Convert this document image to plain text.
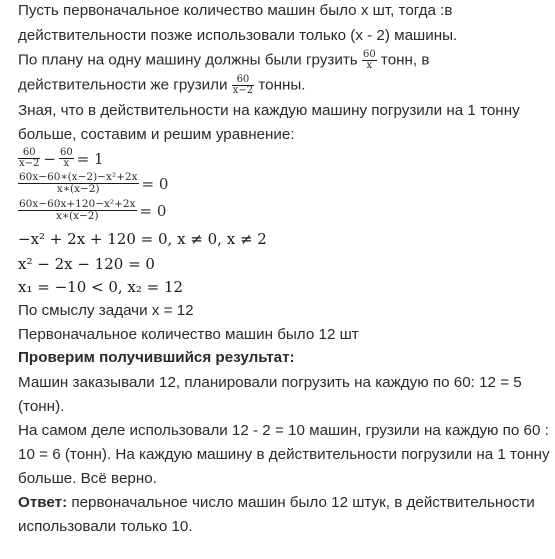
Пусть первоначальное количество машин было x шт, тогда :в
действительности позже использовали только (x - 2) машины.
По плану на одну машину должны были грузить $\frac{60}{x}$ тонн, в
действительности же грузили $\frac{60}{x-2}$ тонны.
Зная, что в действительности на каждую машину погрузили на 1 тонну
больше, составим и решим уравнение:
$\frac{60}{x-2} - \frac{60}{x} = 1$
$\frac{\text{60x−60∗(x−2)−x²+2x}}{x∗(x-2)} = 0$
$\frac{\text{60x−60x+120−x²+2x}}{x∗(x-2)} = 0$
−x² + 2x + 120 = 0, x ≠ 0, x ≠ 2
x² − 2x − 120 = 0
x₁ = −10 < 0, x₂ = 12
По смыслу задачи x = 12
Первоначальное количество машин было 12 шт
Проверим получившийся результат:
Машин заказывали 12, планировали погрузить на каждую по 60: 12 = 5
(тонн).
На самом деле использовали 12 - 2 = 10 машин, грузили на каждую по 60 :
10 = 6 (тонн). На каждую машину в действительности погрузили на 1 тонну
больше. Всё верно.
Ответ: первоначальное число машин было 12 штук, в действительности
использовали только 10.
